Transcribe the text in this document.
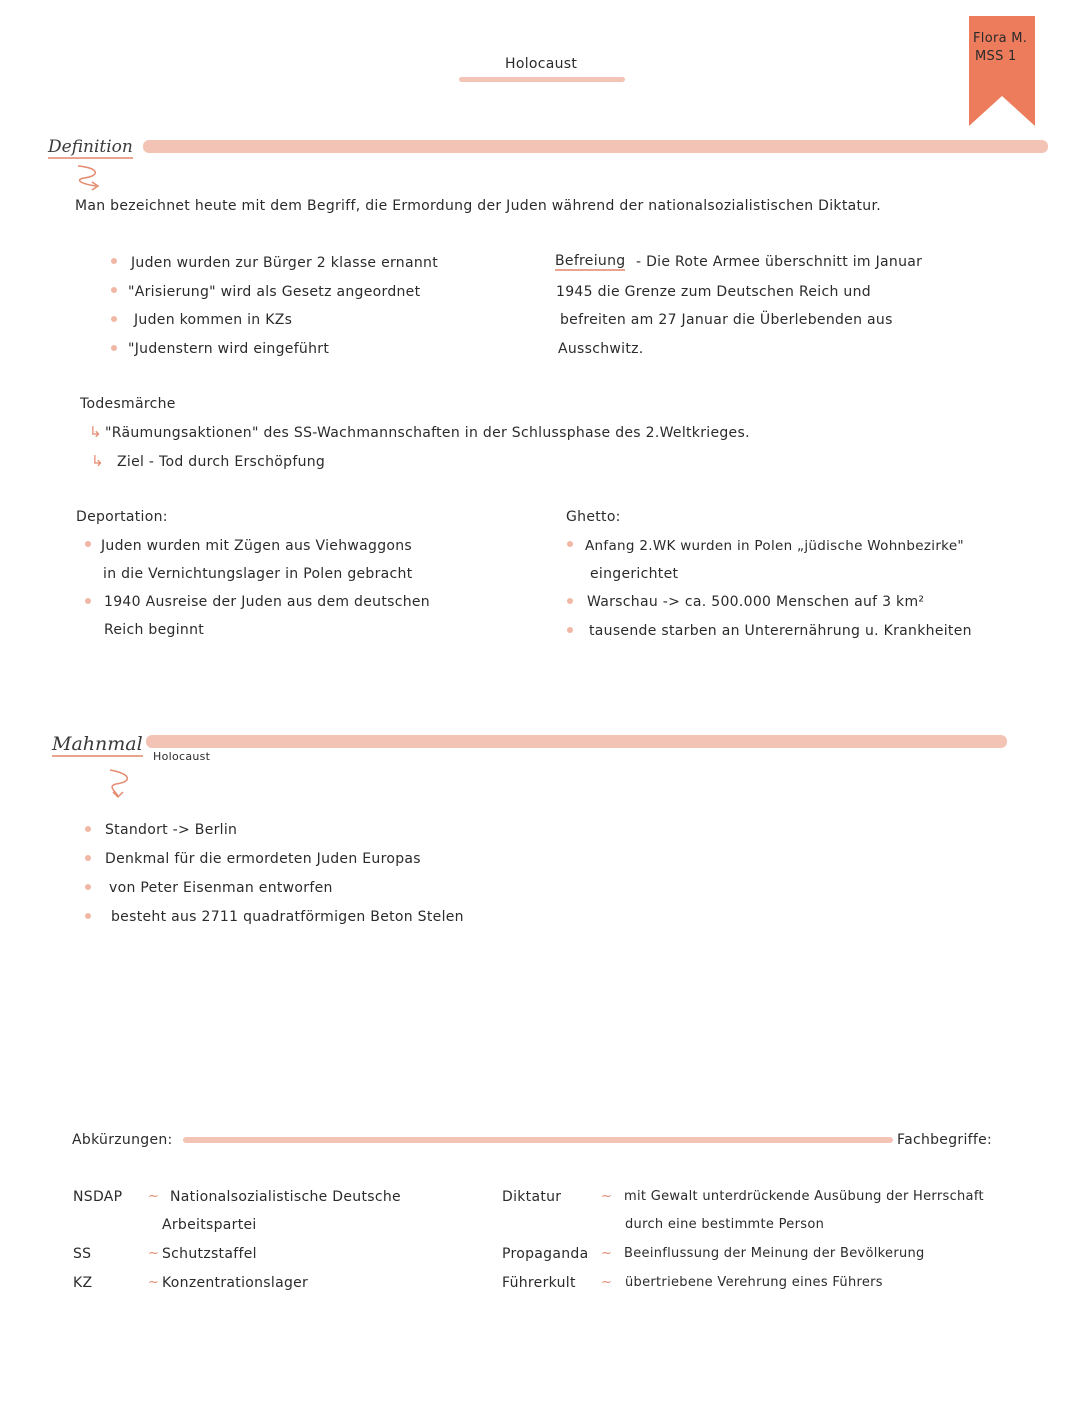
Holocaust
Flora M.
MSS 1
Definition
Man bezeichnet heute mit dem Begriff, die Ermordung der Juden während der nationalsozialistischen Diktatur.
Juden wurden zur Bürger 2 klasse ernannt
"Arisierung" wird als Gesetz angeordnet
Juden kommen in KZs
"Judenstern wird eingeführt
Befreiung - Die Rote Armee überschnitt im Januar
1945 die Grenze zum Deutschen Reich und
befreiten am 27 Januar die Überlebenden aus
Ausschwitz.
Todesmärche
↳ "Räumungsaktionen" des SS-Wachmannschaften in der Schlussphase des 2.Weltkrieges.
↳ Ziel - Tod durch Erschöpfung
Deportation:
Juden wurden mit Zügen aus Viehwaggons
in die Vernichtungslager in Polen gebracht
1940 Ausreise der Juden aus dem deutschen
Reich beginnt
Ghetto:
Anfang 2.WK wurden in Polen „jüdische Wohnbezirke"
eingerichtet
Warschau -> ca. 500.000 Menschen auf 3 km²
tausende starben an Unterernährung u. Krankheiten
Mahnmal
Holocaust
Standort -> Berlin
Denkmal für die ermordeten Juden Europas
von Peter Eisenman entworfen
besteht aus 2711 quadratförmigen Beton Stelen
Abkürzungen:	Fachbegriffe:
NSDAP ~ Nationalsozialistische Deutsche
Arbeitspartei
SS	~ Schutzstaffel
KZ	~ Konzentrationslager
Diktatur	~ mit Gewalt unterdrückende Ausübung der Herrschaft
durch eine bestimmte Person
Propaganda ~ Beeinflussung der Meinung der Bevölkerung
Führerkult ~ übertriebene Verehrung eines Führers
